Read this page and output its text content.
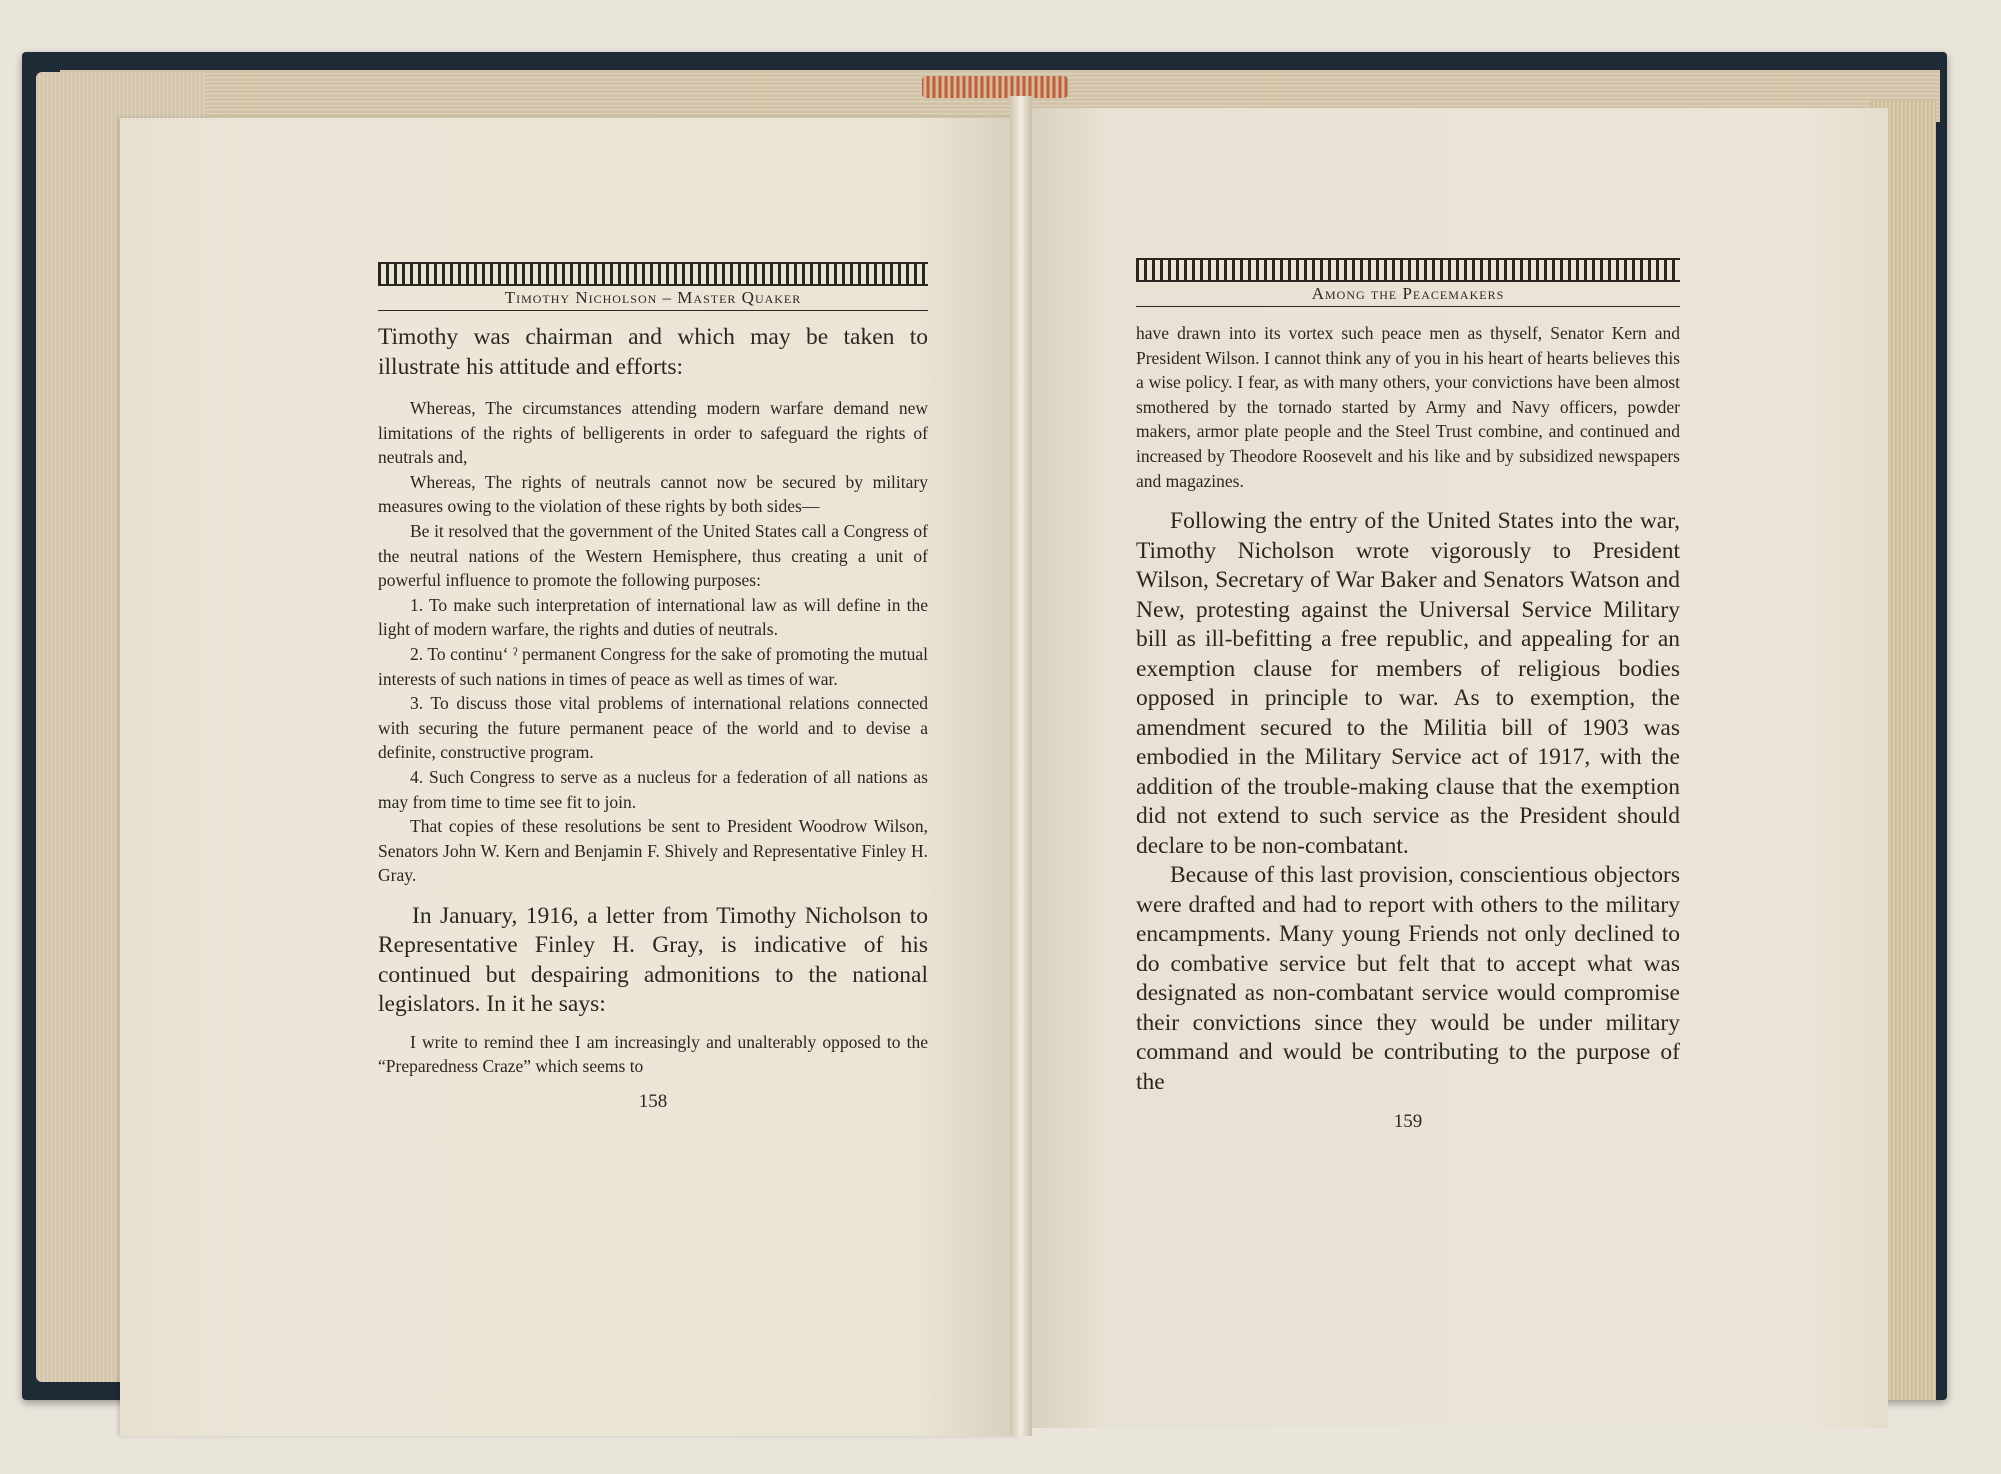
Timothy Nicholson – Master Quaker

Timothy was chairman and which may be taken to illustrate his attitude and efforts:

Whereas, The circumstances attending modern warfare demand new limitations of the rights of belligerents in order to safeguard the rights of neutrals and,

Whereas, The rights of neutrals cannot now be secured by military measures owing to the violation of these rights by both sides—

Be it resolved that the government of the United States call a Congress of the neutral nations of the Western Hemisphere, thus creating a unit of powerful influence to promote the following purposes:

1. To make such interpretation of international law as will define in the light of modern warfare, the rights and duties of neutrals.

2. To continuʻ ˀ permanent Congress for the sake of promoting the mutual interests of such nations in times of peace as well as times of war.

3. To discuss those vital problems of international relations connected with securing the future permanent peace of the world and to devise a definite, constructive program.

4. Such Congress to serve as a nucleus for a federation of all nations as may from time to time see fit to join.

That copies of these resolutions be sent to President Woodrow Wilson, Senators John W. Kern and Benjamin F. Shively and Representative Finley H. Gray.

In January, 1916, a letter from Timothy Nicholson to Representative Finley H. Gray, is indicative of his continued but despairing admonitions to the national legislators. In it he says:

I write to remind thee I am increasingly and unalterably opposed to the “Preparedness Craze” which seems to

158
Among the Peacemakers

have drawn into its vortex such peace men as thyself, Senator Kern and President Wilson. I cannot think any of you in his heart of hearts believes this a wise policy. I fear, as with many others, your convictions have been almost smothered by the tornado started by Army and Navy officers, powder makers, armor plate people and the Steel Trust combine, and continued and increased by Theodore Roosevelt and his like and by subsidized newspapers and magazines.

Following the entry of the United States into the war, Timothy Nicholson wrote vigorously to President Wilson, Secretary of War Baker and Senators Watson and New, protesting against the Universal Service Military bill as ill-befitting a free republic, and appealing for an exemption clause for members of religious bodies opposed in principle to war. As to exemption, the amendment secured to the Militia bill of 1903 was embodied in the Military Service act of 1917, with the addition of the trouble-making clause that the exemption did not extend to such service as the President should declare to be non-combatant.

Because of this last provision, conscientious objectors were drafted and had to report with others to the military encampments. Many young Friends not only declined to do combative service but felt that to accept what was designated as non-combatant service would compromise their convictions since they would be under military command and would be contributing to the purpose of the

159
